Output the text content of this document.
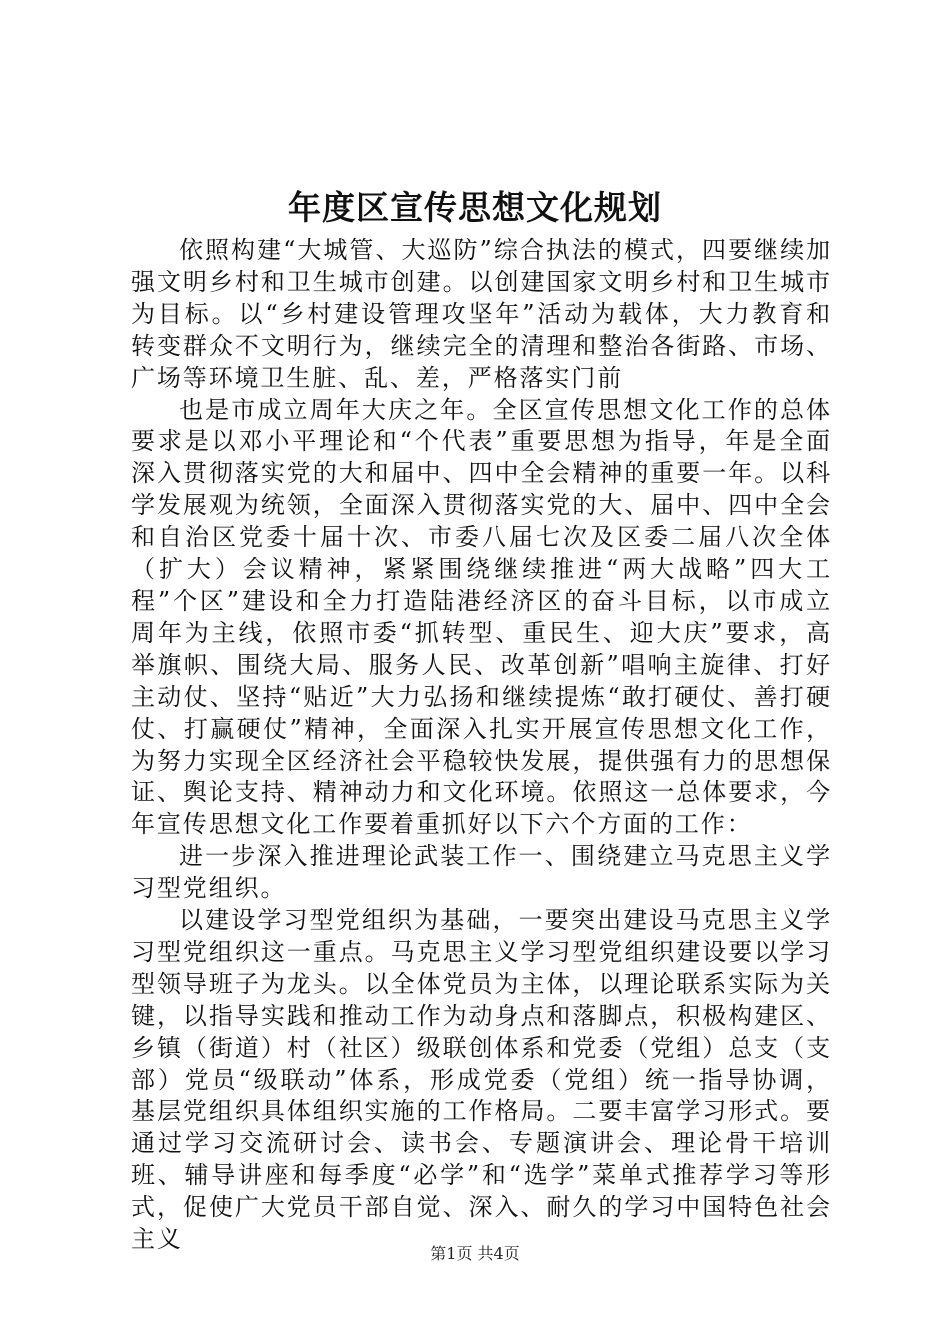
年度区宣传思想文化规划

依照构建“大城管、大巡防”综合执法的模式，四要继续加强文明乡村和卫生城市创建。以创建国家文明乡村和卫生城市为目标。以“乡村建设管理攻坚年”活动为载体，大力教育和转变群众不文明行为，继续完全的清理和整治各街路、市场、广场等环境卫生脏、乱、差，严格落实门前

也是市成立周年大庆之年。全区宣传思想文化工作的总体要求是以邓小平理论和“个代表”重要思想为指导，年是全面深入贯彻落实党的大和届中、四中全会精神的重要一年。以科学发展观为统领，全面深入贯彻落实党的大、届中、四中全会和自治区党委十届十次、市委八届七次及区委二届八次全体（扩大）会议精神，紧紧围绕继续推进“两大战略”四大工程”个区”建设和全力打造陆港经济区的奋斗目标，以市成立周年为主线，依照市委“抓转型、重民生、迎大庆”要求，高举旗帜、围绕大局、服务人民、改革创新”唱响主旋律、打好主动仗、坚持“贴近”大力弘扬和继续提炼“敢打硬仗、善打硬仗、打赢硬仗”精神，全面深入扎实开展宣传思想文化工作，为努力实现全区经济社会平稳较快发展，提供强有力的思想保证、舆论支持、精神动力和文化环境。依照这一总体要求，今年宣传思想文化工作要着重抓好以下六个方面的工作：

进一步深入推进理论武装工作一、围绕建立马克思主义学习型党组织。

以建设学习型党组织为基础，一要突出建设马克思主义学习型党组织这一重点。马克思主义学习型党组织建设要以学习型领导班子为龙头。以全体党员为主体，以理论联系实际为关键，以指导实践和推动工作为动身点和落脚点，积极构建区、乡镇（街道）村（社区）级联创体系和党委（党组）总支（支部）党员“级联动”体系，形成党委（党组）统一指导协调，基层党组织具体组织实施的工作格局。二要丰富学习形式。要通过学习交流研讨会、读书会、专题演讲会、理论骨干培训班、辅导讲座和每季度“必学”和“选学”菜单式推荐学习等形式，促使广大党员干部自觉、深入、耐久的学习中国特色社会主义

第1页 共4页
